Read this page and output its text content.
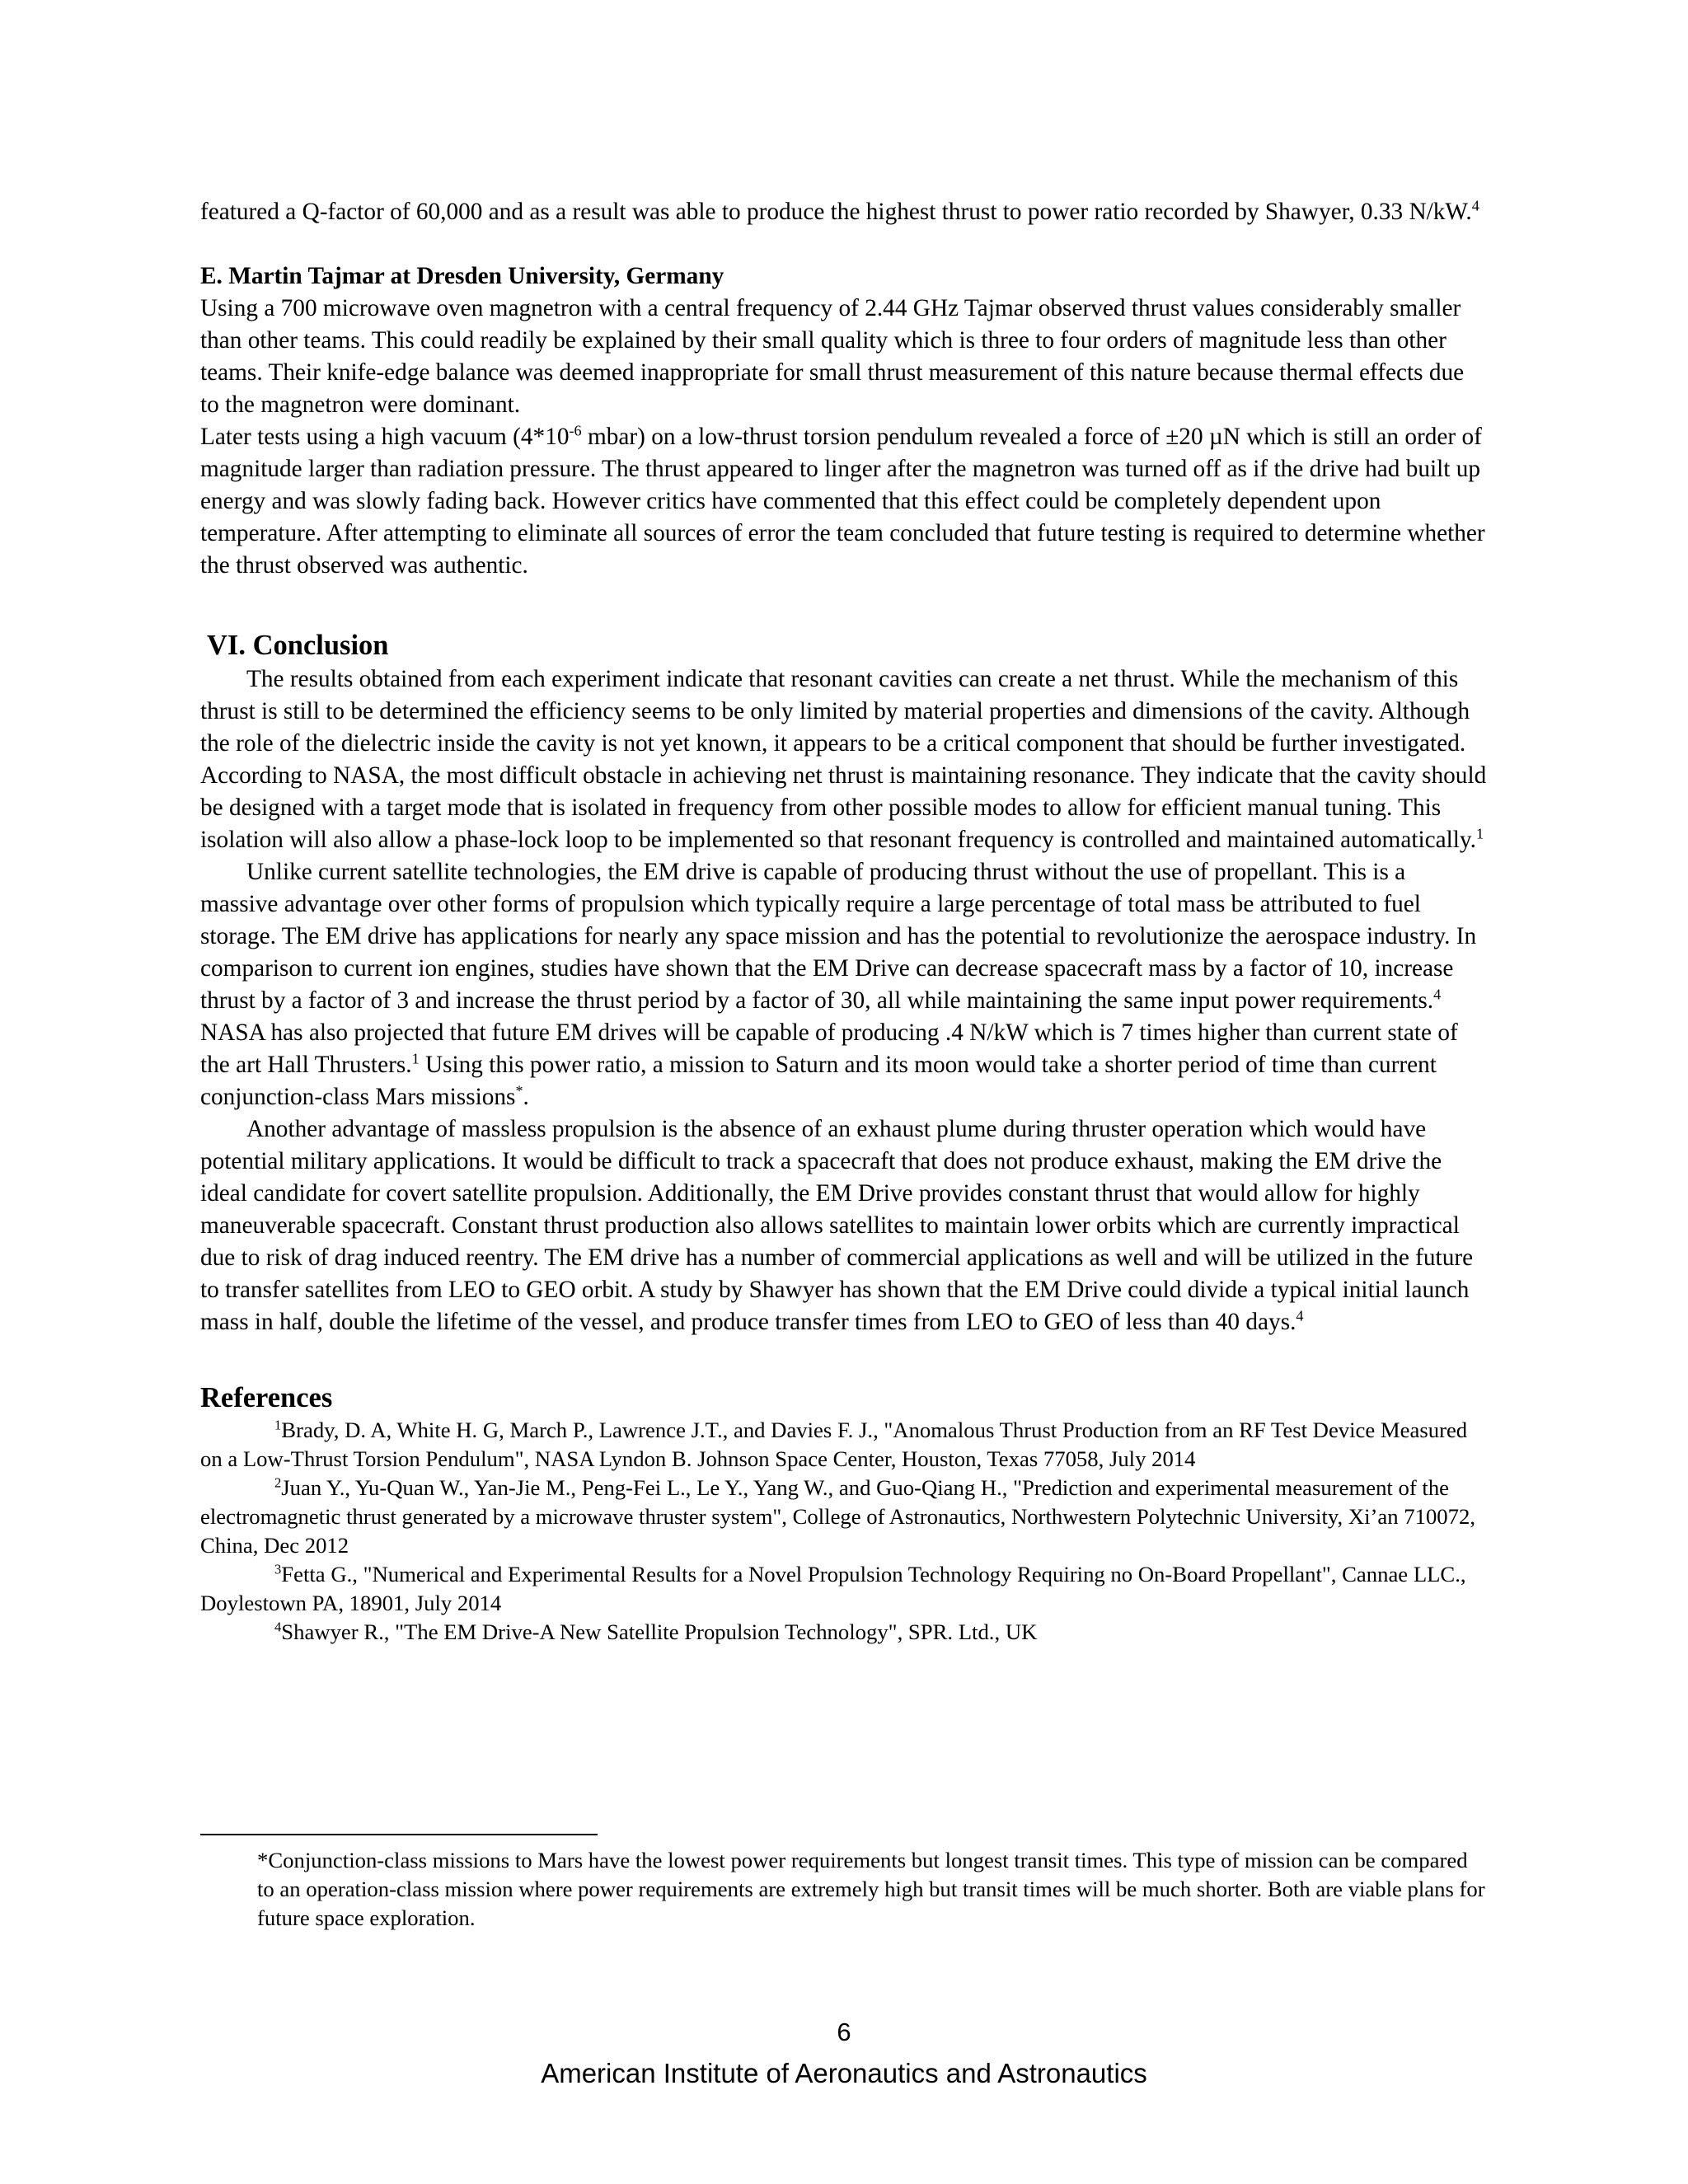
featured a Q-factor of 60,000 and as a result was able to produce the highest thrust to power ratio recorded by Shawyer, 0.33 N/kW.$^4$

E. Martin Tajmar at Dresden University, Germany

Using a 700 microwave oven magnetron with a central frequency of 2.44 GHz Tajmar observed thrust values considerably smaller than other teams. This could readily be explained by their small quality which is three to four orders of magnitude less than other teams. Their knife-edge balance was deemed inappropriate for small thrust measurement of this nature because thermal effects due to the magnetron were dominant.

Later tests using a high vacuum ($4*10^{-6}$ mbar) on a low-thrust torsion pendulum revealed a force of ±20 µN which is still an order of magnitude larger than radiation pressure. The thrust appeared to linger after the magnetron was turned off as if the drive had built up energy and was slowly fading back. However critics have commented that this effect could be completely dependent upon temperature. After attempting to eliminate all sources of error the team concluded that future testing is required to determine whether the thrust observed was authentic.

VI. Conclusion

The results obtained from each experiment indicate that resonant cavities can create a net thrust. While the mechanism of this thrust is still to be determined the efficiency seems to be only limited by material properties and dimensions of the cavity. Although the role of the dielectric inside the cavity is not yet known, it appears to be a critical component that should be further investigated. According to NASA, the most difficult obstacle in achieving net thrust is maintaining resonance. They indicate that the cavity should be designed with a target mode that is isolated in frequency from other possible modes to allow for efficient manual tuning. This isolation will also allow a phase-lock loop to be implemented so that resonant frequency is controlled and maintained automatically.$^1$

Unlike current satellite technologies, the EM drive is capable of producing thrust without the use of propellant. This is a massive advantage over other forms of propulsion which typically require a large percentage of total mass be attributed to fuel storage. The EM drive has applications for nearly any space mission and has the potential to revolutionize the aerospace industry. In comparison to current ion engines, studies have shown that the EM Drive can decrease spacecraft mass by a factor of 10, increase thrust by a factor of 3 and increase the thrust period by a factor of 30, all while maintaining the same input power requirements.$^4$ NASA has also projected that future EM drives will be capable of producing .4 N/kW which is 7 times higher than current state of the art Hall Thrusters.$^1$ Using this power ratio, a mission to Saturn and its moon would take a shorter period of time than current conjunction-class Mars missions*.

Another advantage of massless propulsion is the absence of an exhaust plume during thruster operation which would have potential military applications. It would be difficult to track a spacecraft that does not produce exhaust, making the EM drive the ideal candidate for covert satellite propulsion. Additionally, the EM Drive provides constant thrust that would allow for highly maneuverable spacecraft. Constant thrust production also allows satellites to maintain lower orbits which are currently impractical due to risk of drag induced reentry. The EM drive has a number of commercial applications as well and will be utilized in the future to transfer satellites from LEO to GEO orbit. A study by Shawyer has shown that the EM Drive could divide a typical initial launch mass in half, double the lifetime of the vessel, and produce transfer times from LEO to GEO of less than 40 days.$^4$

References

$^1$Brady, D. A, White H. G, March P., Lawrence J.T., and Davies F. J., "Anomalous Thrust Production from an RF Test Device Measured on a Low-Thrust Torsion Pendulum", NASA Lyndon B. Johnson Space Center, Houston, Texas 77058, July 2014

$^2$Juan Y., Yu-Quan W., Yan-Jie M., Peng-Fei L., Le Y., Yang W., and Guo-Qiang H., "Prediction and experimental measurement of the electromagnetic thrust generated by a microwave thruster system", College of Astronautics, Northwestern Polytechnic University, Xi’an 710072, China, Dec 2012

$^3$Fetta G., "Numerical and Experimental Results for a Novel Propulsion Technology Requiring no On-Board Propellant", Cannae LLC., Doylestown PA, 18901, July 2014

$^4$Shawyer R., "The EM Drive-A New Satellite Propulsion Technology", SPR. Ltd., UK

*Conjunction-class missions to Mars have the lowest power requirements but longest transit times. This type of mission can be compared to an operation-class mission where power requirements are extremely high but transit times will be much shorter. Both are viable plans for future space exploration.

6
American Institute of Aeronautics and Astronautics
